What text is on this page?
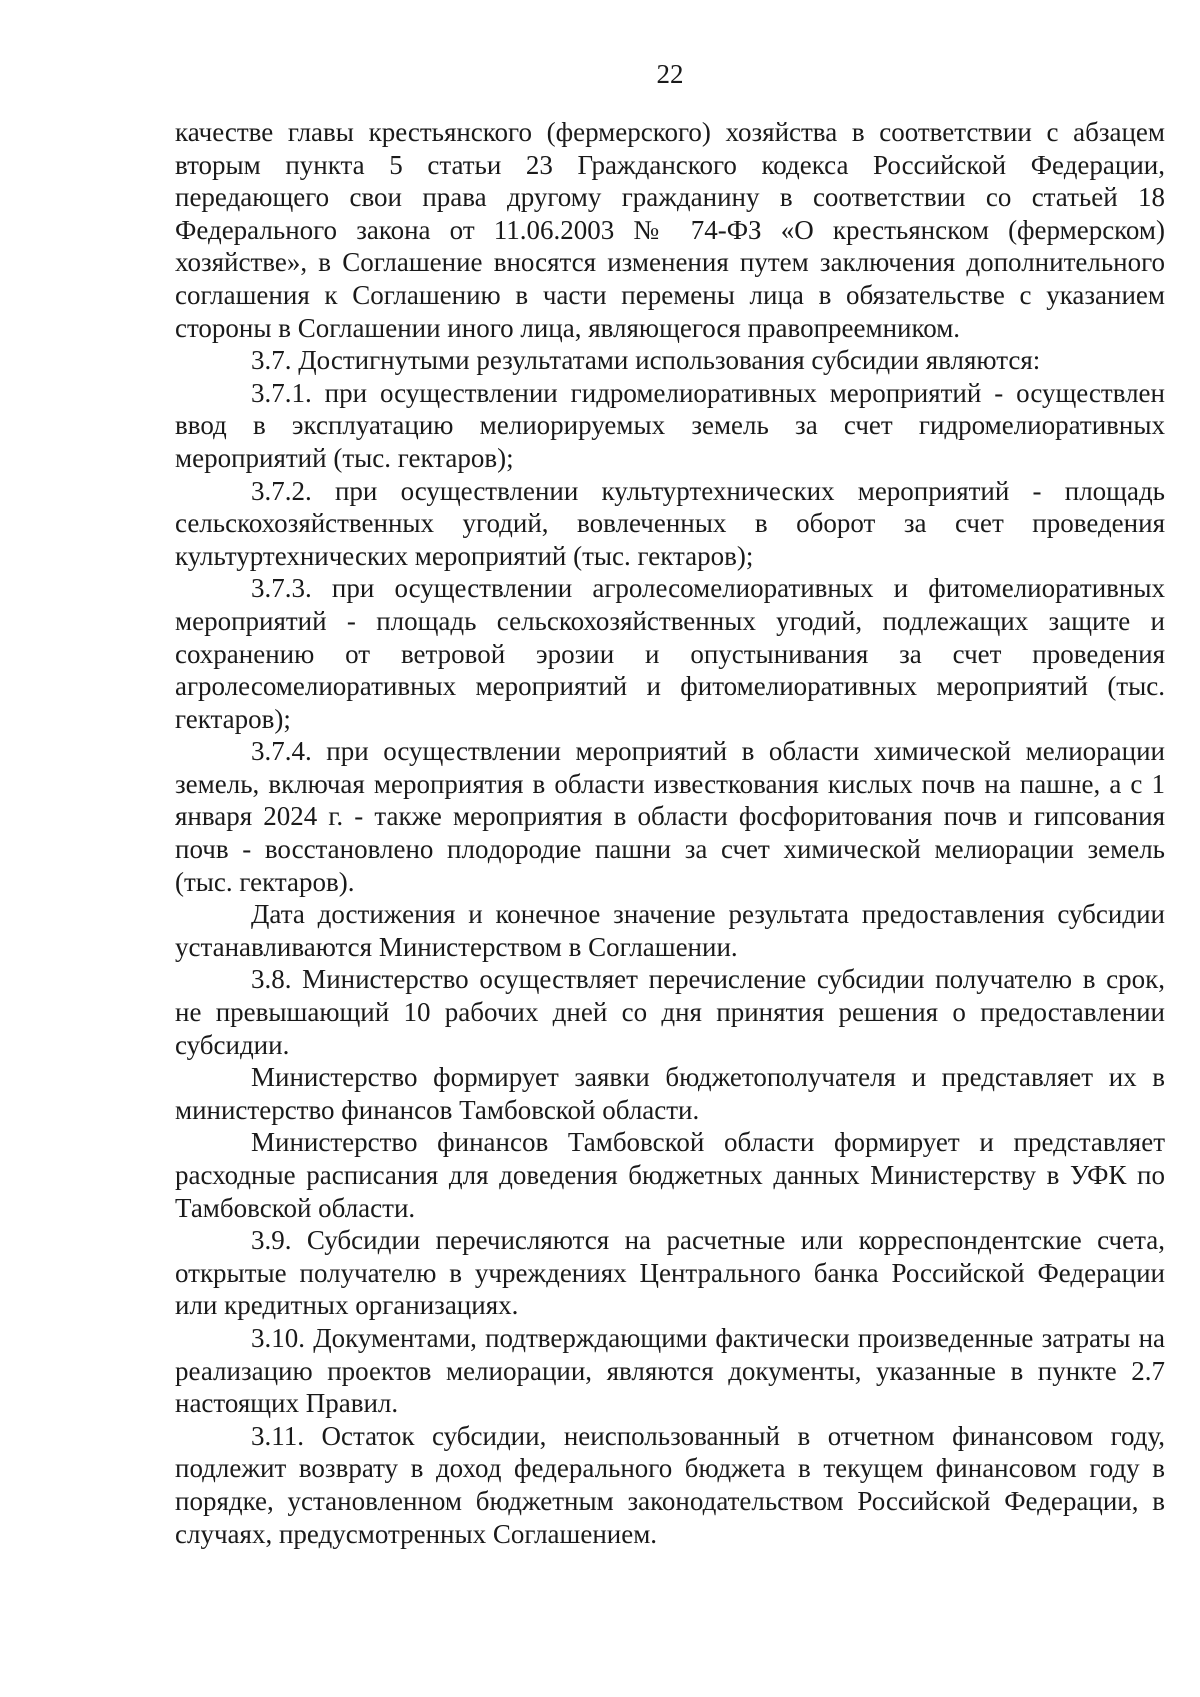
22

качестве главы крестьянского (фермерского) хозяйства в соответствии с абзацем вторым пункта 5 статьи 23 Гражданского кодекса Российской Федерации, передающего свои права другому гражданину в соответствии со статьей 18 Федерального закона от 11.06.2003 № 74-ФЗ «О крестьянском (фермерском) хозяйстве», в Соглашение вносятся изменения путем заключения дополнительного соглашения к Соглашению в части перемены лица в обязательстве с указанием стороны в Соглашении иного лица, являющегося правопреемником.

3.7. Достигнутыми результатами использования субсидии являются:

3.7.1. при осуществлении гидромелиоративных мероприятий - осуществлен ввод в эксплуатацию мелиорируемых земель за счет гидромелиоративных мероприятий (тыс. гектаров);

3.7.2. при осуществлении культуртехнических мероприятий - площадь сельскохозяйственных угодий, вовлеченных в оборот за счет проведения культуртехнических мероприятий (тыс. гектаров);

3.7.3. при осуществлении агролесомелиоративных и фитомелиоративных мероприятий - площадь сельскохозяйственных угодий, подлежащих защите и сохранению от ветровой эрозии и опустынивания за счет проведения агролесомелиоративных мероприятий и фитомелиоративных мероприятий (тыс. гектаров);

3.7.4. при осуществлении мероприятий в области химической мелиорации земель, включая мероприятия в области известкования кислых почв на пашне, а с 1 января 2024 г. - также мероприятия в области фосфоритования почв и гипсования почв - восстановлено плодородие пашни за счет химической мелиорации земель (тыс. гектаров).

Дата достижения и конечное значение результата предоставления субсидии устанавливаются Министерством в Соглашении.

3.8. Министерство осуществляет перечисление субсидии получателю в срок, не превышающий 10 рабочих дней со дня принятия решения о предоставлении субсидии.

Министерство формирует заявки бюджетополучателя и представляет их в министерство финансов Тамбовской области.

Министерство финансов Тамбовской области формирует и представляет расходные расписания для доведения бюджетных данных Министерству в УФК по Тамбовской области.

3.9. Субсидии перечисляются на расчетные или корреспондентские счета, открытые получателю в учреждениях Центрального банка Российской Федерации или кредитных организациях.

3.10. Документами, подтверждающими фактически произведенные затраты на реализацию проектов мелиорации, являются документы, указанные в пункте 2.7 настоящих Правил.

3.11. Остаток субсидии, неиспользованный в отчетном финансовом году, подлежит возврату в доход федерального бюджета в текущем финансовом году в порядке, установленном бюджетным законодательством Российской Федерации, в случаях, предусмотренных Соглашением.
